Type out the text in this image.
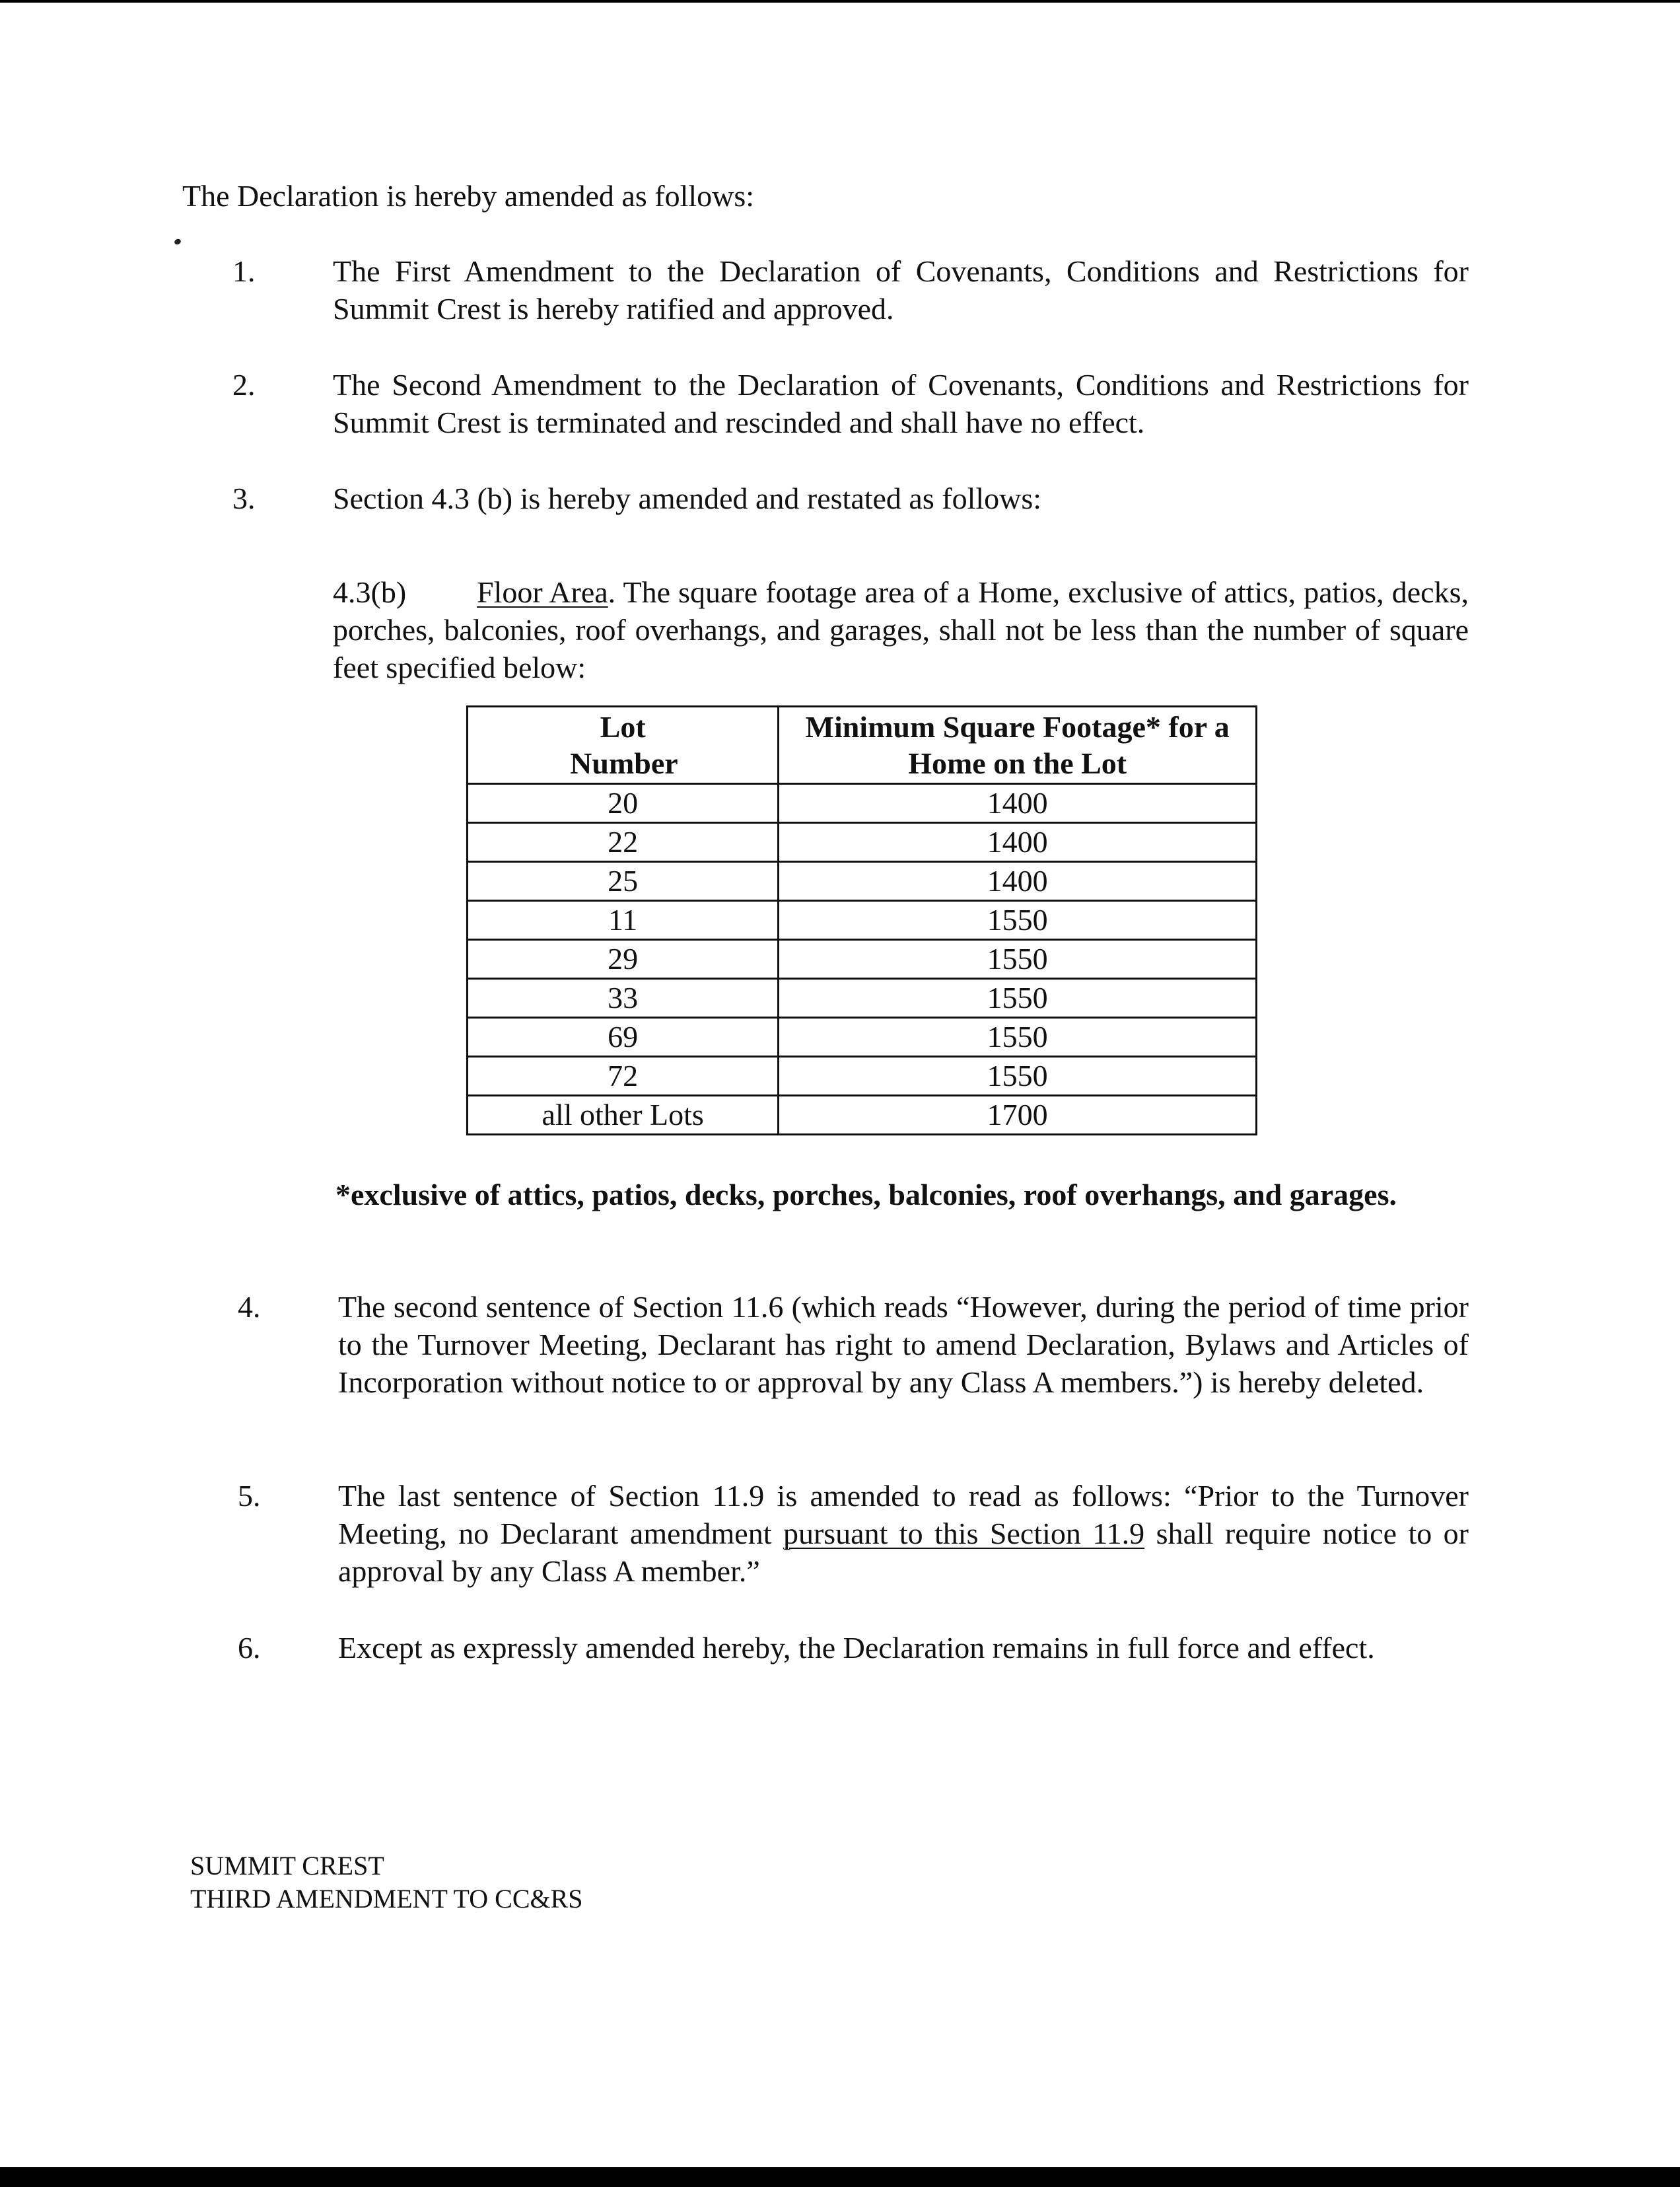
The Declaration is hereby amended as follows:
1.	The First Amendment to the Declaration of Covenants, Conditions and Restrictions for Summit Crest is hereby ratified and approved.

2.	The Second Amendment to the Declaration of Covenants, Conditions and Restrictions for Summit Crest is terminated and rescinded and shall have no effect.

3.	Section 4.3 (b) is hereby amended and restated as follows:

4.3(b) Floor Area. The square footage area of a Home, exclusive of attics, patios, decks, porches, balconies, roof overhangs, and garages, shall not be less than the number of square feet specified below:
Lot Number	Minimum Square Footage* for a Home on the Lot

20	1400
22	1400
25	1400
11	1550
29	1550
33	1550
69	1550
72	1550
all other Lots	1700
*exclusive of attics, patios, decks, porches, balconies, roof overhangs, and garages.
4.	The second sentence of Section 11.6 (which reads “However, during the period of time prior to the Turnover Meeting, Declarant has right to amend Declaration, Bylaws and Articles of Incorporation without notice to or approval by any Class A members.”) is hereby deleted.

5.	The last sentence of Section 11.9 is amended to read as follows: “Prior to the Turnover Meeting, no Declarant amendment pursuant to this Section 11.9 shall require notice to or approval by any Class A member.”

6.	Except as expressly amended hereby, the Declaration remains in full force and effect.

SUMMIT CREST
THIRD AMENDMENT TO CC&RS
